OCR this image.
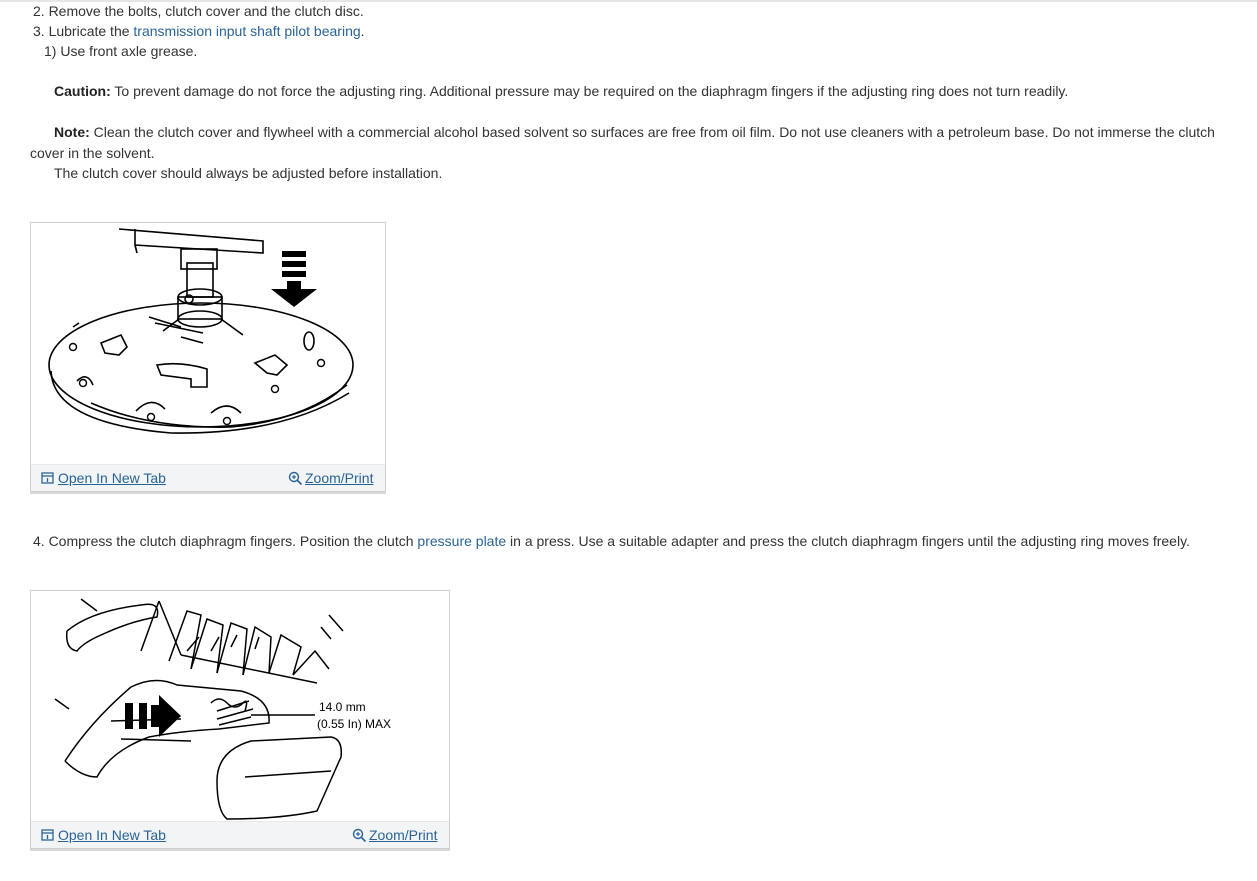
2. Remove the bolts, clutch cover and the clutch disc.
3. Lubricate the transmission input shaft pilot bearing.
1) Use front axle grease.
Caution: To prevent damage do not force the adjusting ring. Additional pressure may be required on the diaphragm fingers if the adjusting ring does not turn readily.
Note: Clean the clutch cover and flywheel with a commercial alcohol based solvent so surfaces are free from oil film. Do not use cleaners with a petroleum base. Do not immerse the clutch
cover in the solvent.
The clutch cover should always be adjusted before installation.
Open In New Tab	Zoom/Print
4. Compress the clutch diaphragm fingers. Position the clutch pressure plate in a press. Use a suitable adapter and press the clutch diaphragm fingers until the adjusting ring moves freely.
14.0 mm
(0.55 In) MAX
Open In New Tab	Zoom/Print
